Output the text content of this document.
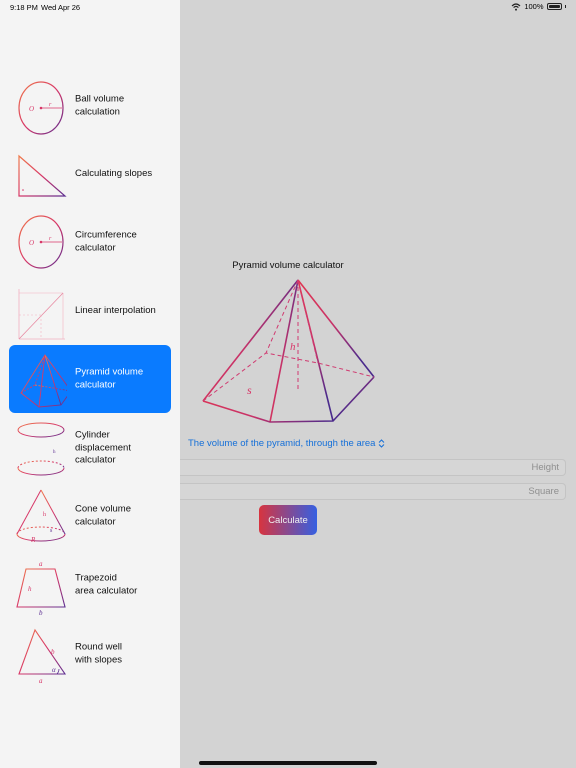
9:18 PM Wed Apr 26	100%
O r
Ball volume
calculation
Calculating slopes
O r Circumference
calculator
Linear interpolation
Pyramid volume
calculator
h
Cylinder
displacement
calculator
h
s
R
Cone volume
calculator
a
h
b
Trapezoid
area calculator
b
α
a
Round well
with slopes
Pyramid volume calculator
h
s
The volume of the pyramid, through the area
Height
Square
Calculate
